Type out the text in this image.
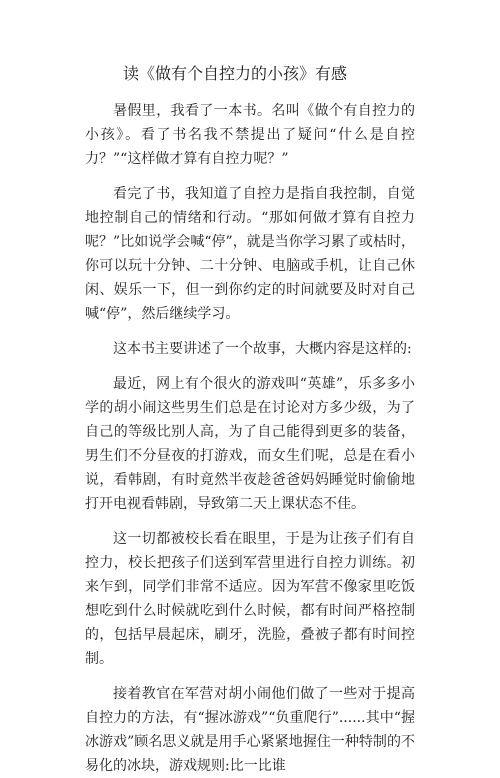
读《做有个自控力的小孩》有感

暑假里，我看了一本书。名叫《做个有自控力的小孩》。看了书名我不禁提出了疑问“什么是自控力？”“这样做才算有自控力呢？”

看完了书，我知道了自控力是指自我控制，自觉地控制自己的情绪和行动。“那如何做才算有自控力呢？”比如说学会喊“停”，就是当你学习累了或枯时，你可以玩十分钟、二十分钟、电脑或手机，让自己休闲、娱乐一下，但一到你约定的时间就要及时对自己喊“停”，然后继续学习。

这本书主要讲述了一个故事，大概内容是这样的:

最近，网上有个很火的游戏叫“英雄”，乐多多小学的胡小闹这些男生们总是在讨论对方多少级，为了自己的等级比别人高，为了自己能得到更多的装备，男生们不分昼夜的打游戏，而女生们呢，总是在看小说，看韩剧，有时竟然半夜趁爸爸妈妈睡觉时偷偷地打开电视看韩剧，导致第二天上课状态不佳。

这一切都被校长看在眼里，于是为让孩子们有自控力，校长把孩子们送到军营里进行自控力训练。初来乍到，同学们非常不适应。因为军营不像家里吃饭想吃到什么时候就吃到什么时候，都有时间严格控制的，包括早晨起床，刷牙，洗脸，叠被子都有时间控制。

接着教官在军营对胡小闹他们做了一些对于提高自控力的方法，有“握冰游戏”“负重爬行”......其中“握冰游戏”顾名思义就是用手心紧紧地握住一种特制的不易化的冰块，游戏规则:比一比谁
